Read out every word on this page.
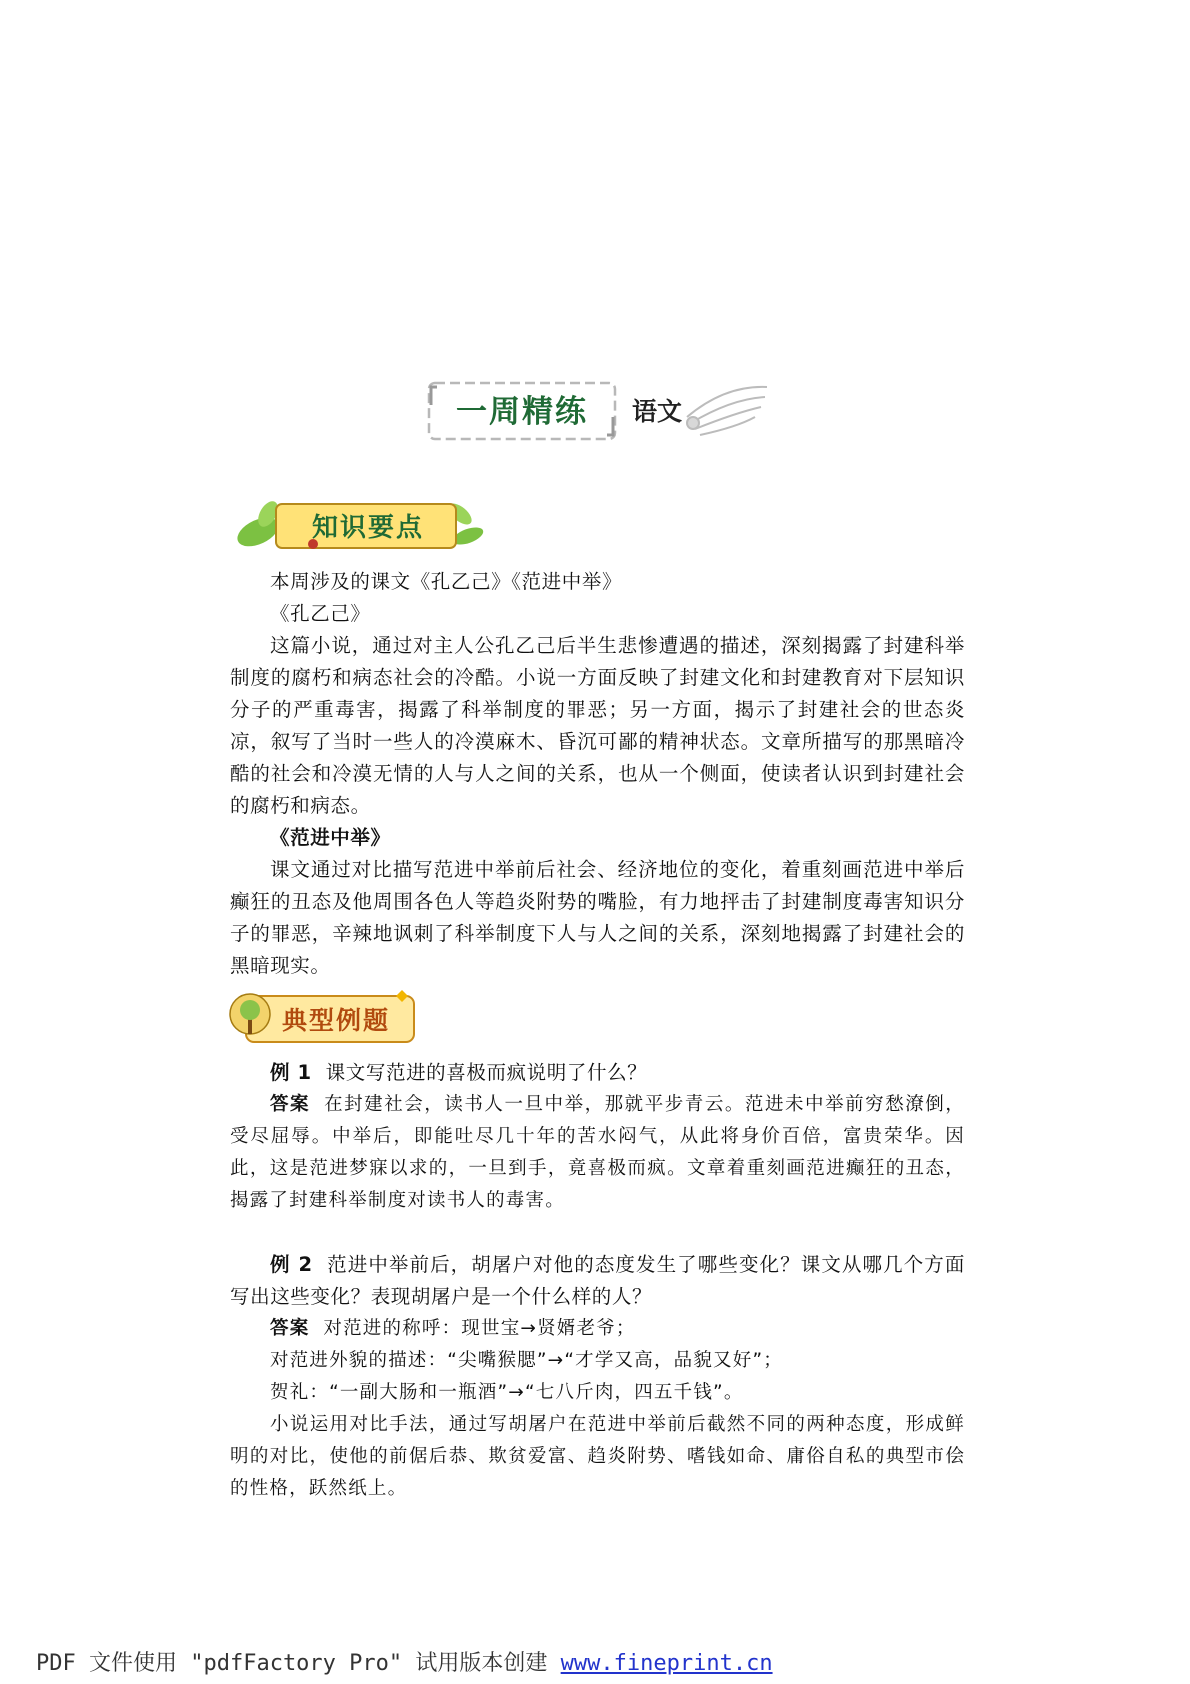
一周精练 语文
知识要点

本周涉及的课文《孔乙己》《范进中举》

《孔乙己》

这篇小说，通过对主人公孔乙己后半生悲惨遭遇的描述，深刻揭露了封建科举制度的腐朽和病态社会的冷酷。小说一方面反映了封建文化和封建教育对下层知识分子的严重毒害，揭露了科举制度的罪恶；另一方面，揭示了封建社会的世态炎凉，叙写了当时一些人的冷漠麻木、昏沉可鄙的精神状态。文章所描写的那黑暗冷酷的社会和冷漠无情的人与人之间的关系，也从一个侧面，使读者认识到封建社会的腐朽和病态。

《范进中举》

课文通过对比描写范进中举前后社会、经济地位的变化，着重刻画范进中举后癫狂的丑态及他周围各色人等趋炎附势的嘴脸，有力地抨击了封建制度毒害知识分子的罪恶，辛辣地讽刺了科举制度下人与人之间的关系，深刻地揭露了封建社会的黑暗现实。

典型例题

例 1 课文写范进的喜极而疯说明了什么？

答案 在封建社会，读书人一旦中举，那就平步青云。范进未中举前穷愁潦倒，受尽屈辱。中举后，即能吐尽几十年的苦水闷气，从此将身价百倍，富贵荣华。因此，这是范进梦寐以求的，一旦到手，竟喜极而疯。文章着重刻画范进癫狂的丑态，揭露了封建科举制度对读书人的毒害。

例 2 范进中举前后，胡屠户对他的态度发生了哪些变化？课文从哪几个方面写出这些变化？表现胡屠户是一个什么样的人？

答案 对范进的称呼：现世宝→贤婿老爷；

对范进外貌的描述：“尖嘴猴腮”→“才学又高，品貌又好”；

贺礼：“一副大肠和一瓶酒”→“七八斤肉，四五千钱”。

小说运用对比手法，通过写胡屠户在范进中举前后截然不同的两种态度，形成鲜明的对比，使他的前倨后恭、欺贫爱富、趋炎附势、嗜钱如命、庸俗自私的典型市侩的性格，跃然纸上。

PDF 文件使用 "pdfFactory Pro" 试用版本创建 www.fineprint.cn
